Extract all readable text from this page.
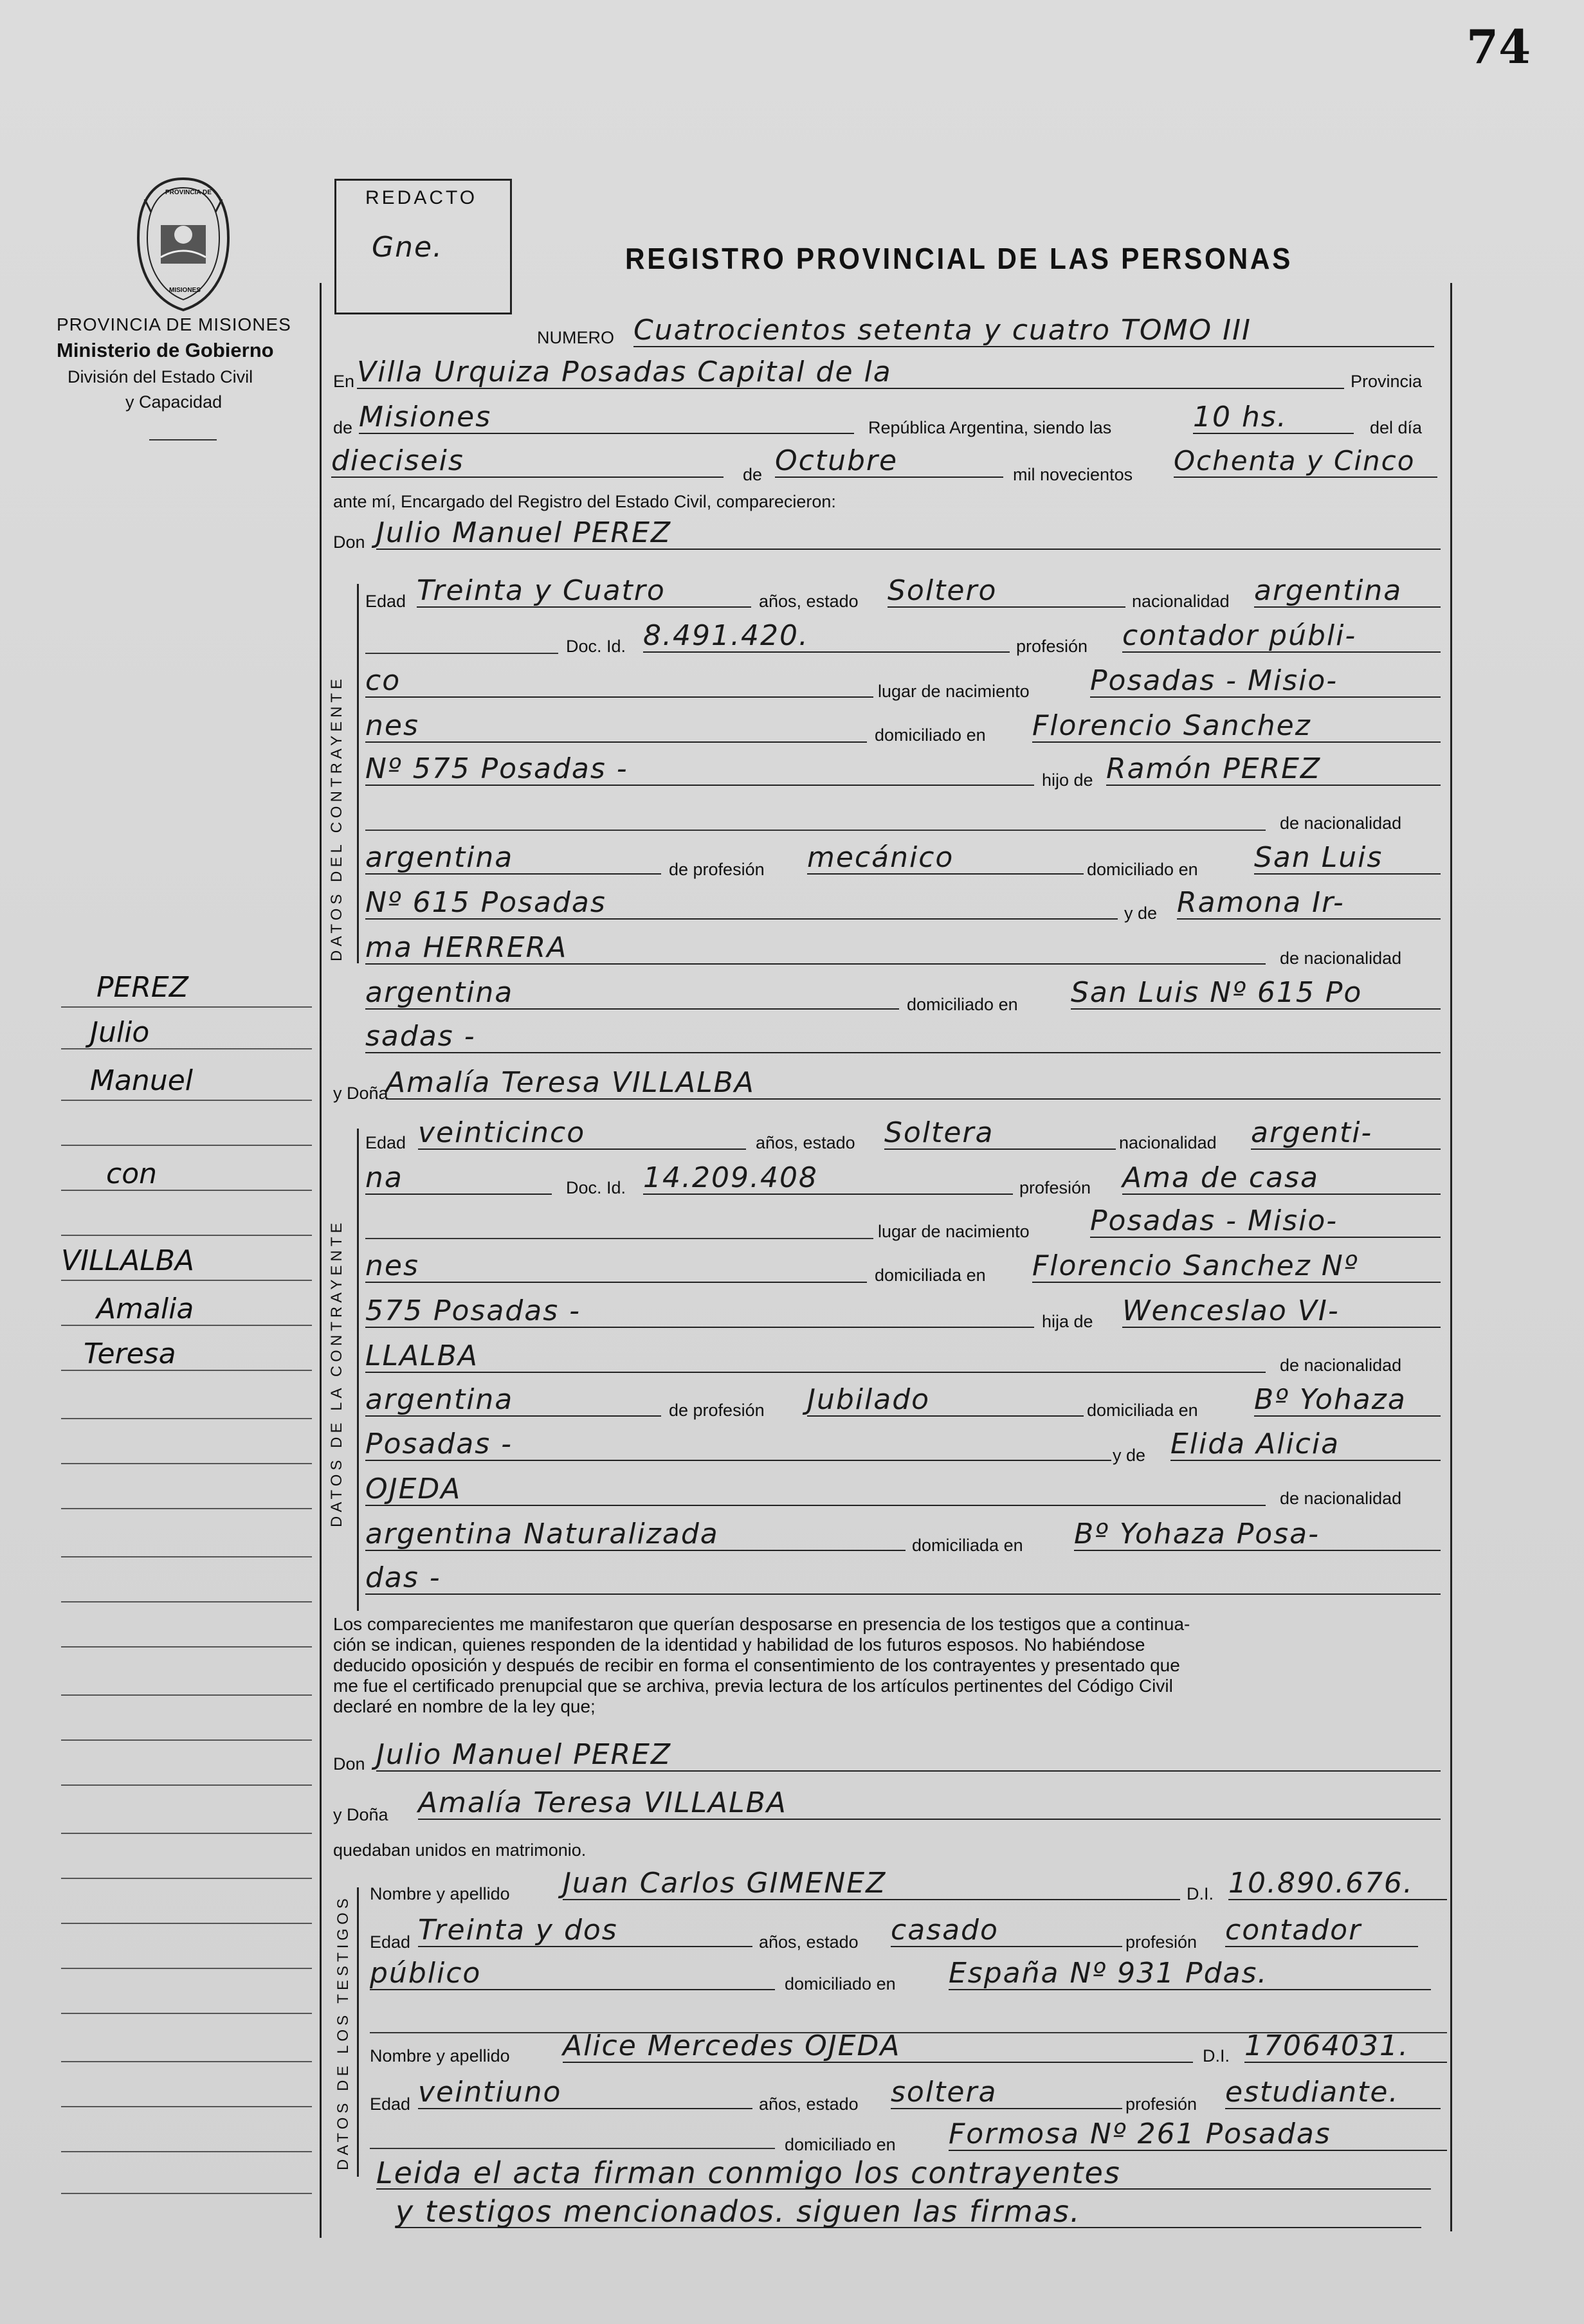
74
PROVINCIA DE
MISIONES
PROVINCIA DE MISIONES
Ministerio de Gobierno
División del Estado Civil
y Capacidad
PEREZ
Julio
Manuel
con
VILLALBA
Amalia
Teresa
REDACTO
Gne.	REGISTRO PROVINCIAL DE LAS PERSONAS
NUMERO Cuatrocientos setenta y cuatro TOMO III
En Villa Urquiza Posadas Capital de la	Provincia
de Misiones	República Argentina, siendo las	10 hs.	del día
dieciseis	de Octubre	mil novecientos Ochenta y Cinco
ante mí, Encargado del Registro del Estado Civil, comparecieron:
Don Julio Manuel PEREZ
DATOS DEL CONTRAYENTE
Edad Treinta y Cuatro	años, estado Soltero	nacionalidad argentina
Doc. Id. 8.491.420.	profesión contador públi-
co	lugar de nacimiento Posadas - Misio-
nes	domiciliado en Florencio Sanchez
Nº 575 Posadas -	hijo de Ramón PEREZ
de nacionalidad
argentina	de profesión mecánico	domiciliado en San Luis
Nº 615 Posadas	y de Ramona Ir-
ma HERRERA	de nacionalidad
argentina	domiciliado en San Luis Nº 615 Po
sadas -
y Doña
Amalía Teresa VILLALBA
DATOS DE LA CONTRAYENTE
Edad veinticinco	años, estado Soltera	nacionalidad argenti-
na	Doc. Id. 14.209.408	profesión Ama de casa
lugar de nacimiento Posadas - Misio-
nes	domiciliada en Florencio Sanchez Nº
575 Posadas -	hija de Wenceslao VI-
LLALBA	de nacionalidad
argentina	de profesión Jubilado	domiciliada en Bº Yohaza
Posadas -	y de Elida Alicia
OJEDA	de nacionalidad
argentina Naturalizada	domiciliada en Bº Yohaza Posa-
das -
Los comparecientes me manifestaron que querían desposarse en presencia de los testigos que a continua-
ción se indican, quienes responden de la identidad y habilidad de los futuros esposos. No habiéndose
deducido oposición y después de recibir en forma el consentimiento de los contrayentes y presentado que
me fue el certificado prenupcial que se archiva, previa lectura de los artículos pertinentes del Código Civil
declaré en nombre de la ley que;
Don Julio Manuel PEREZ
y Doña Amalía Teresa VILLALBA
quedaban unidos en matrimonio.
DATOS DE LOS TESTIGOS
Nombre y apellido Juan Carlos GIMENEZ	D.I. 10.890.676.
Edad Treinta y dos	años, estado casado	profesión contador
público	domiciliado en España Nº 931 Pdas.
Nombre y apellido Alice Mercedes OJEDA	D.I. 17064031.
Edad veintiuno	años, estado soltera	profesión estudiante.
domiciliado en Formosa Nº 261 Posadas
Leida el acta firman conmigo los contrayentes
y testigos mencionados. siguen las firmas.
